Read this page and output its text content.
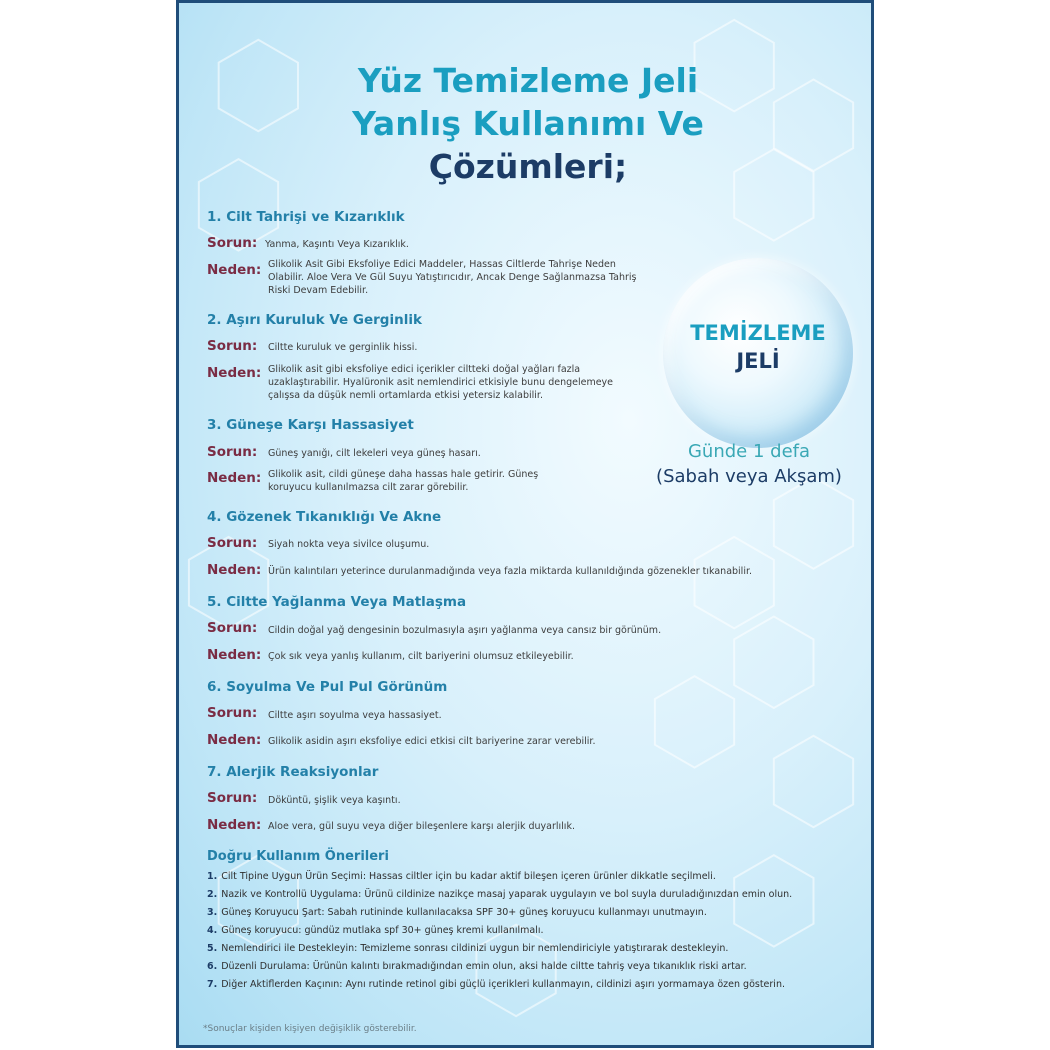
Yüz Temizleme Jeli
Yanlış Kullanımı Ve
Çözümleri;
1. Cilt Tahrişi ve Kızarıklık
Sorun: Yanma, Kaşıntı Veya Kızarıklık.
Neden: Glikolik Asit Gibi Eksfoliye Edici Maddeler, Hassas Ciltlerde Tahrişe Neden Olabilir. Aloe Vera Ve Gül Suyu Yatıştırıcıdır, Ancak Denge Sağlanmazsa Tahriş Riski Devam Edebilir.
2. Aşırı Kuruluk Ve Gerginlik
Sorun: Ciltte kuruluk ve gerginlik hissi.
Neden: Glikolik asit gibi eksfoliye edici içerikler ciltteki doğal yağları fazla uzaklaştırabilir. Hyalüronik asit nemlendirici etkisiyle bunu dengelemeye çalışsa da düşük nemli ortamlarda etkisi yetersiz kalabilir.
3. Güneşe Karşı Hassasiyet
Sorun: Güneş yanığı, cilt lekeleri veya güneş hasarı.
Neden: Glikolik asit, cildi güneşe daha hassas hale getirir. Güneş koruyucu kullanılmazsa cilt zarar görebilir.
4. Gözenek Tıkanıklığı Ve Akne
Sorun: Siyah nokta veya sivilce oluşumu.
Neden: Ürün kalıntıları yeterince durulanmadığında veya fazla miktarda kullanıldığında gözenekler tıkanabilir.
5. Ciltte Yağlanma Veya Matlaşma
Sorun: Cildin doğal yağ dengesinin bozulmasıyla aşırı yağlanma veya cansız bir görünüm.
Neden: Çok sık veya yanlış kullanım, cilt bariyerini olumsuz etkileyebilir.
6. Soyulma Ve Pul Pul Görünüm
Sorun: Ciltte aşırı soyulma veya hassasiyet.
Neden: Glikolik asidin aşırı eksfoliye edici etkisi cilt bariyerine zarar verebilir.
7. Alerjik Reaksiyonlar
Sorun: Döküntü, şişlik veya kaşıntı.
Neden: Aloe vera, gül suyu veya diğer bileşenlere karşı alerjik duyarlılık.
Doğru Kullanım Önerileri
1. Cilt Tipine Uygun Ürün Seçimi: Hassas ciltler için bu kadar aktif bileşen içeren ürünler dikkatle seçilmeli.
2. Nazik ve Kontrollü Uygulama: Ürünü cildinize nazikçe masaj yaparak uygulayın ve bol suyla duruladığınızdan emin olun.
3. Güneş Koruyucu Şart: Sabah rutininde kullanılacaksa SPF 30+ güneş koruyucu kullanmayı unutmayın.
4. Güneş koruyucu: gündüz mutlaka spf 30+ güneş kremi kullanılmalı.
5. Nemlendirici ile Destekleyin: Temizleme sonrası cildinizi uygun bir nemlendiriciyle yatıştırarak destekleyin.
6. Düzenli Durulama: Ürünün kalıntı bırakmadığından emin olun, aksi halde ciltte tahriş veya tıkanıklık riski artar.
7. Diğer Aktiflerden Kaçının: Aynı rutinde retinol gibi güçlü içerikleri kullanmayın, cildinizi aşırı yormamaya özen gösterin.
*Sonuçlar kişiden kişiyen değişiklik gösterebilir.
TEMİZLEME
JELİ
Günde 1 defa
(Sabah veya Akşam)
